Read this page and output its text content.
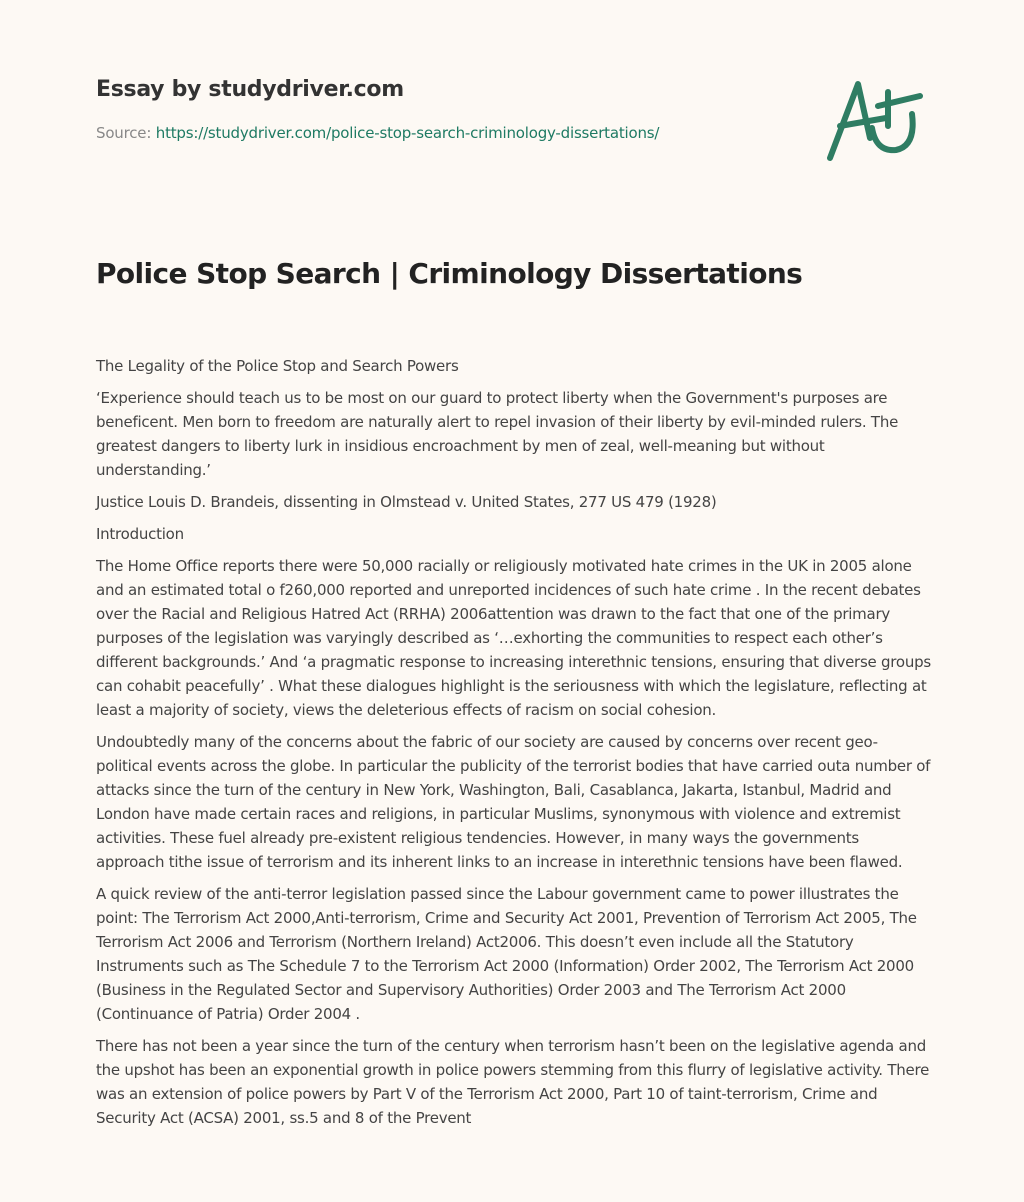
Essay by studydriver.com
Source: https://studydriver.com/police-stop-search-criminology-dissertations/
Police Stop Search | Criminology Dissertations

The Legality of the Police Stop and Search Powers

‘Experience should teach us to be most on our guard to protect liberty when the Government's purposes are beneficent. Men born to freedom are naturally alert to repel invasion of their liberty by evil-minded rulers. The greatest dangers to liberty lurk in insidious encroachment by men of zeal, well-meaning but without understanding.’

Justice Louis D. Brandeis, dissenting in Olmstead v. United States, 277 US 479 (1928)

Introduction

The Home Office reports there were 50,000 racially or religiously motivated hate crimes in the UK in 2005 alone and an estimated total o f260,000 reported and unreported incidences of such hate crime . In the recent debates over the Racial and Religious Hatred Act (RRHA) 2006attention was drawn to the fact that one of the primary purposes of the legislation was varyingly described as ‘…exhorting the communities to respect each other’s different backgrounds.’ And ‘a pragmatic response to increasing interethnic tensions, ensuring that diverse groups can cohabit peacefully’ . What these dialogues highlight is the seriousness with which the legislature, reflecting at least a majority of society, views the deleterious effects of racism on social cohesion.

Undoubtedly many of the concerns about the fabric of our society are caused by concerns over recent geo-political events across the globe. In particular the publicity of the terrorist bodies that have carried outa number of attacks since the turn of the century in New York, Washington, Bali, Casablanca, Jakarta, Istanbul, Madrid and London have made certain races and religions, in particular Muslims, synonymous with violence and extremist activities. These fuel already pre-existent religious tendencies. However, in many ways the governments approach tithe issue of terrorism and its inherent links to an increase in interethnic tensions have been flawed.

A quick review of the anti-terror legislation passed since the Labour government came to power illustrates the point: The Terrorism Act 2000,Anti-terrorism, Crime and Security Act 2001, Prevention of Terrorism Act 2005, The Terrorism Act 2006 and Terrorism (Northern Ireland) Act2006. This doesn’t even include all the Statutory Instruments such as The Schedule 7 to the Terrorism Act 2000 (Information) Order 2002, The Terrorism Act 2000 (Business in the Regulated Sector and Supervisory Authorities) Order 2003 and The Terrorism Act 2000 (Continuance of Patria) Order 2004 .

There has not been a year since the turn of the century when terrorism hasn’t been on the legislative agenda and the upshot has been an exponential growth in police powers stemming from this flurry of legislative activity. There was an extension of police powers by Part V of the Terrorism Act 2000, Part 10 of taint-terrorism, Crime and Security Act (ACSA) 2001, ss.5 and 8 of the Prevent
